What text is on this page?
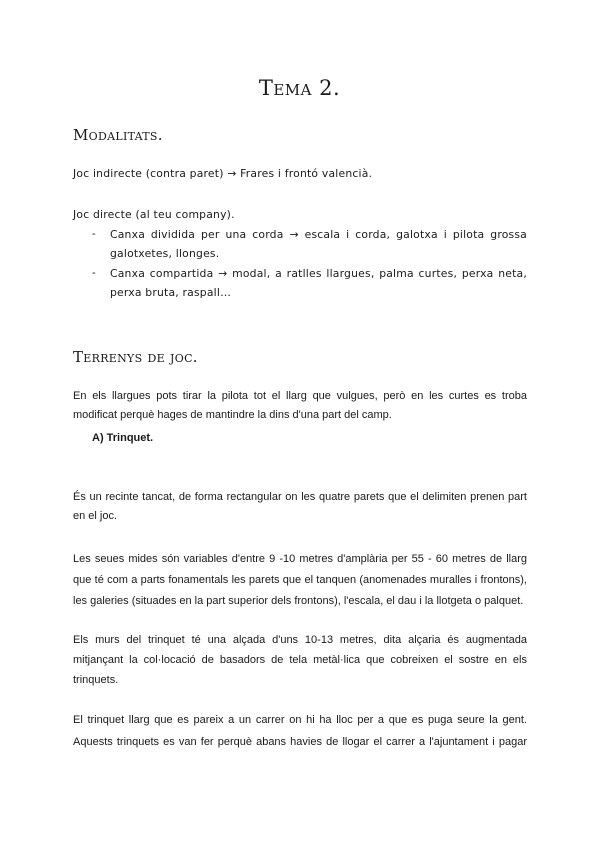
Tema 2.
Modalitats.
Joc indirecte (contra paret) → Frares i frontó valencià.
Joc directe (al teu company).
- Canxa dividida per una corda → escala i corda, galotxa i pilota grossa
galotxetes, llonges.
- Canxa compartida → modal, a ratlles llargues, palma curtes, perxa neta,
perxa bruta, raspall…
Terrenys de joc.
En els llargues pots tirar la pilota tot el llarg que vulgues, però en les curtes es troba
modificat perquè hages de mantindre la dins d'una part del camp.
A) Trinquet.
És un recinte tancat, de forma rectangular on les quatre parets que el delimiten prenen part
en el joc.
Les seues mides són variables d'entre 9 -10 metres d'amplària per 55 - 60 metres de llarg
que té com a parts fonamentals les parets que el tanquen (anomenades muralles i frontons),
les galeries (situades en la part superior dels frontons), l'escala, el dau i la llotgeta o palquet.
Els murs del trinquet té una alçada d'uns 10-13 metres, dita alçaria és augmentada
mitjançant la col·locació de basadors de tela metàl·lica que cobreixen el sostre en els
trinquets.
El trinquet llarg que es pareix a un carrer on hi ha lloc per a que es puga seure la gent.
Aquests trinquets es van fer perquè abans havies de llogar el carrer a l'ajuntament i pagar
